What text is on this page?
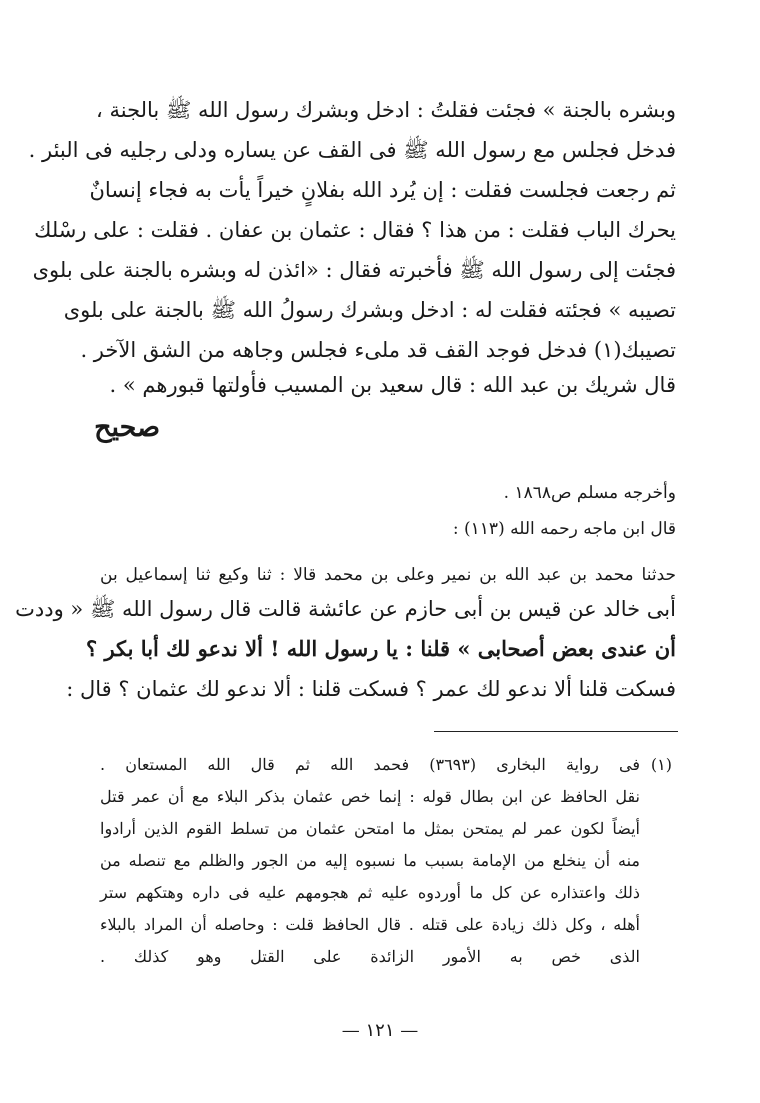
وبشره بالجنة » فجئت فقلتُ : ادخل وبشرك رسول الله ﷺ بالجنة ،
فدخل فجلس مع رسول الله ﷺ فى القف عن يساره ودلى رجليه فى البئر .
ثم رجعت فجلست فقلت : إن يُرد الله بفلانٍ خيراً يأت به فجاء إنسانٌ
يحرك الباب فقلت : من هذا ؟ فقال : عثمان بن عفان . فقلت : على رسْلك
فجئت إلى رسول الله ﷺ فأخبرته فقال : «ائذن له وبشره بالجنة على بلوى
تصيبه » فجئته فقلت له : ادخل وبشرك رسولُ الله ﷺ بالجنة على بلوى
تصيبك(١) فدخل فوجد القف قد ملىء فجلس وجاهه من الشق الآخر .
قال شريك بن عبد الله : قال سعيد بن المسيب فأولتها قبورهم » .
صحيح
وأخرجه مسلم ص١٨٦٨ .
قال ابن ماجه رحمه الله (١١٣) :
حدثنا محمد بن عبد الله بن نمير وعلى بن محمد قالا : ثنا وكيع ثنا إسماعيل بن
أبى خالد عن قيس بن أبى حازم عن عائشة قالت قال رسول الله ﷺ « وددت
أن عندى بعض أصحابى » قلنا : يا رسول الله ! ألا ندعو لك أبا بكر ؟
فسكت قلنا ألا ندعو لك عمر ؟ فسكت قلنا : ألا ندعو لك عثمان ؟ قال :
(١)
فى رواية البخارى (٣٦٩٣) فحمد الله ثم قال الله المستعان .
نقل الحافظ عن ابن بطال قوله : إنما خص عثمان بذكر البلاء مع أن عمر قتل
أيضاً لكون عمر لم يمتحن بمثل ما امتحن عثمان من تسلط القوم الذين أرادوا
منه أن ينخلع من الإمامة بسبب ما نسبوه إليه من الجور والظلم مع تنصله من
ذلك واعتذاره عن كل ما أوردوه عليه ثم هجومهم عليه فى داره وهتكهم ستر
أهله ، وكل ذلك زيادة على قتله . قال الحافظ قلت : وحاصله أن المراد بالبلاء
الذى خص به الأمور الزائدة على القتل وهو كذلك .
— ١٢١ —
